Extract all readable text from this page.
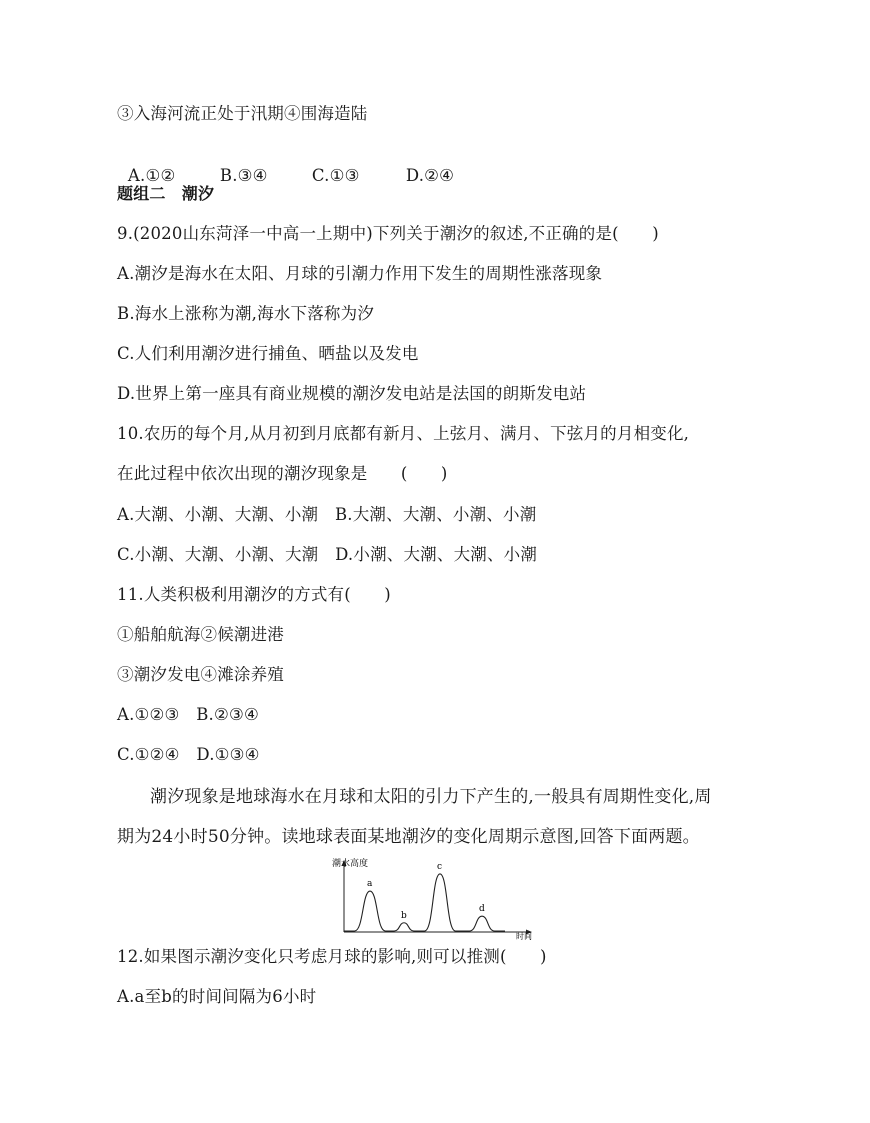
③入海河流正处于汛期④围海造陆

A.①②	B.③④	C.①③	D.②④

题组二　潮汐
9.(2020山东菏泽一中高一上期中)下列关于潮汐的叙述,不正确的是(　　)
A.潮汐是海水在太阳、月球的引潮力作用下发生的周期性涨落现象
B.海水上涨称为潮,海水下落称为汐
C.人们利用潮汐进行捕鱼、晒盐以及发电
D.世界上第一座具有商业规模的潮汐发电站是法国的朗斯发电站
10.农历的每个月,从月初到月底都有新月、上弦月、满月、下弦月的月相变化,
在此过程中依次出现的潮汐现象是　　(　　)
A.大潮、小潮、大潮、小潮　B.大潮、大潮、小潮、小潮
C.小潮、大潮、小潮、大潮　D.小潮、大潮、大潮、小潮
11.人类积极利用潮汐的方式有(　　)
①船舶航海②候潮进港
③潮汐发电④滩涂养殖
A.①②③　B.②③④
C.①②④　D.①③④
潮汐现象是地球海水在月球和太阳的引力下产生的,一般具有周期性变化,周
期为24小时50分钟。读地球表面某地潮汐的变化周期示意图,回答下面两题。
潮水高度
时间
a
b
c
d
12.如果图示潮汐变化只考虑月球的影响,则可以推测(　　)
A.a至b的时间间隔为6小时
